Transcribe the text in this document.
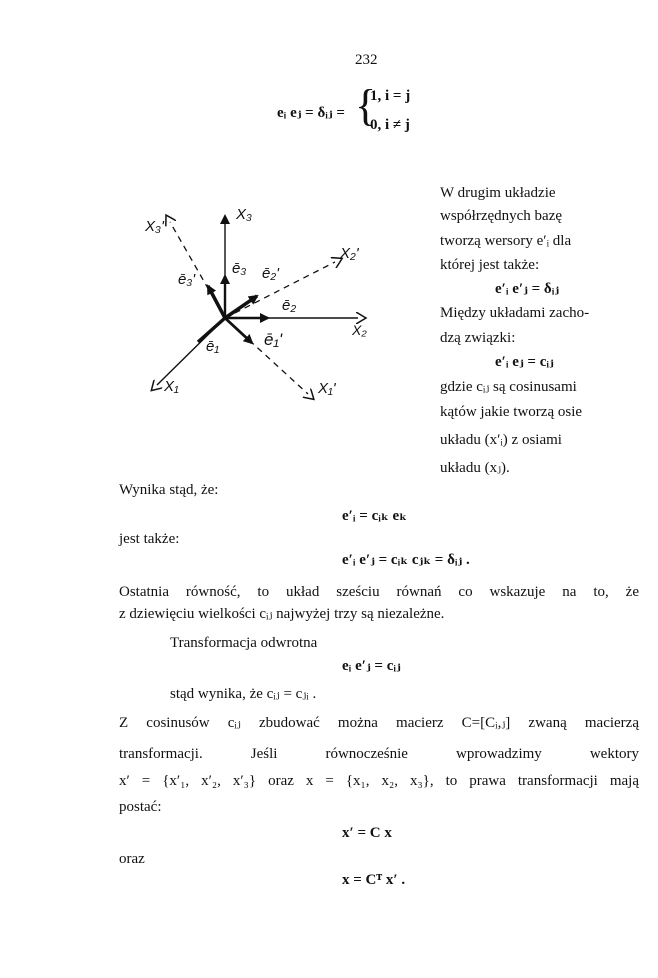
232
eᵢ eⱼ = δᵢⱼ = {
1, i = j
0, i ≠ j
X₃
X₂
X₁
X₃'
X₂'
X₁'
ē₃
ē₂
ē₁
ē₃'	ē₂'
ē₁'
W drugim układzie
współrzędnych bazę
tworzą wersory e′ᵢ dla
której jest także:
e′ᵢ e′ⱼ = δᵢⱼ
Między układami zacho-
dzą związki:
e′ᵢ eⱼ = cᵢⱼ
gdzie cᵢⱼ są cosinusami
kątów jakie tworzą osie
układu (x′ᵢ) z osiami
układu (xⱼ).
Wynika stąd, że:
e′ᵢ = cᵢₖ eₖ
jest także:
e′ᵢ e′ⱼ = cᵢₖ cⱼₖ = δᵢⱼ .
Ostatnia równość, to układ sześciu równań co wskazuje na to, że
z dziewięciu wielkości cᵢⱼ najwyżej trzy są niezależne.
Transformacja odwrotna
eᵢ e′ⱼ = cᵢⱼ
stąd wynika, że cᵢⱼ = cⱼᵢ .
Z cosinusów cᵢⱼ zbudować można macierz C=[Cᵢ,ⱼ] zwaną macierzą
transformacji. Jeśli równocześnie wprowadzimy wektory
x′ = {x′₁, x′₂, x′₃} oraz x = {x₁, x₂, x₃}, to prawa transformacji mają
postać:
x′ = C x
oraz
x = Cᵀ x′ .
